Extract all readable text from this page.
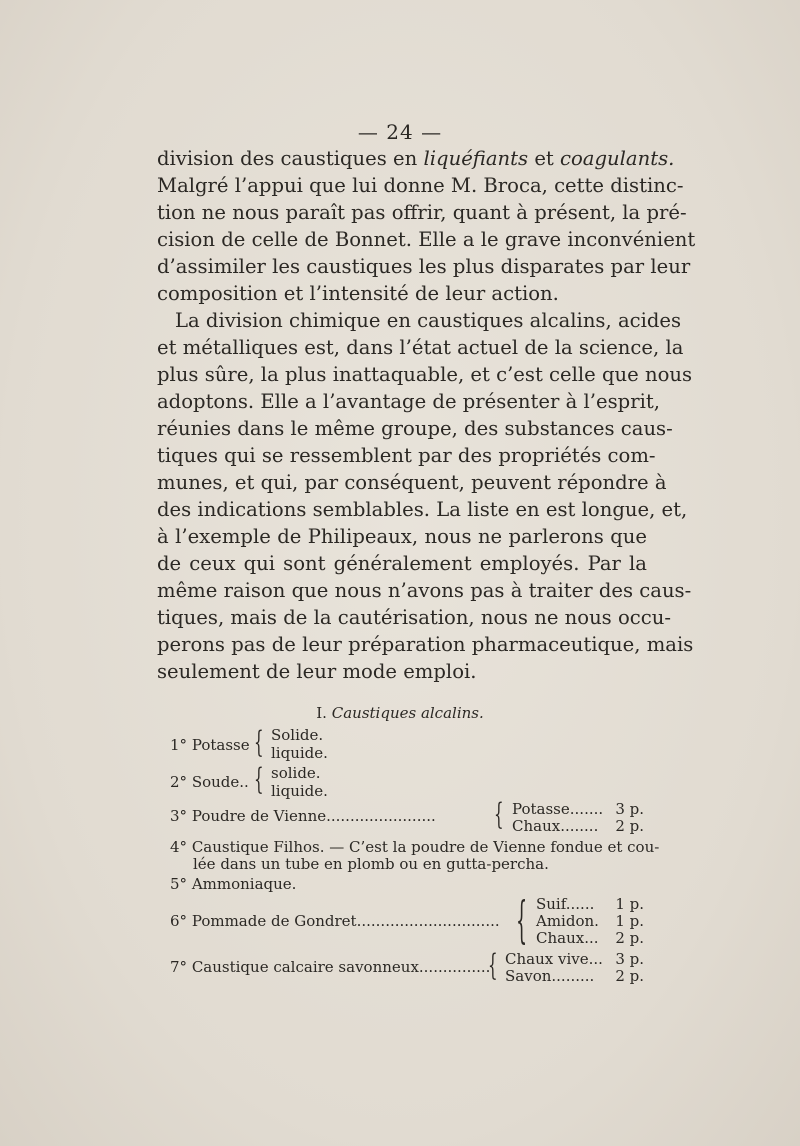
— 24 —
division des caustiques en liquéfiants et coagulants.
Malgré l’appui que lui donne M. Broca, cette distinc-
tion ne nous paraît pas offrir, quant à présent, la pré-
cision de celle de Bonnet. Elle a le grave inconvénient
d’assimiler les caustiques les plus disparates par leur
composition et l’intensité de leur action.
La division chimique en caustiques alcalins, acides
et métalliques est, dans l’état actuel de la science, la
plus sûre, la plus inattaquable, et c’est celle que nous
adoptons. Elle a l’avantage de présenter à l’esprit,
réunies dans le même groupe, des substances caus-
tiques qui se ressemblent par des propriétés com-
munes, et qui, par conséquent, peuvent répondre à
des indications semblables. La liste en est longue, et,
à l’exemple de Philipeaux, nous ne parlerons que
de ceux qui sont généralement employés. Par la
même raison que nous n’avons pas à traiter des caus-
tiques, mais de la cautérisation, nous ne nous occu-
perons pas de leur préparation pharmaceutique, mais
seulement de leur mode emploi.
I. Caustiques alcalins.
1° Potasse { Solide.
liquide.
2° Soude.. { solide.
liquide.
3° Poudre de Vienne....................... { Potasse....... 3 p.
Chaux........	2 p.
4° Caustique Filhos. — C’est la poudre de Vienne fondue et cou-
lée dans un tube en plomb ou en gutta-percha.
5° Ammoniaque.
6° Pommade de Gondret.............................. { Suif......	1 p.
Amidon.	1 p.
Chaux...	2 p.
7° Caustique calcaire savonneux...............
{ Chaux vive... 3 p.
Savon.........	2 p.
